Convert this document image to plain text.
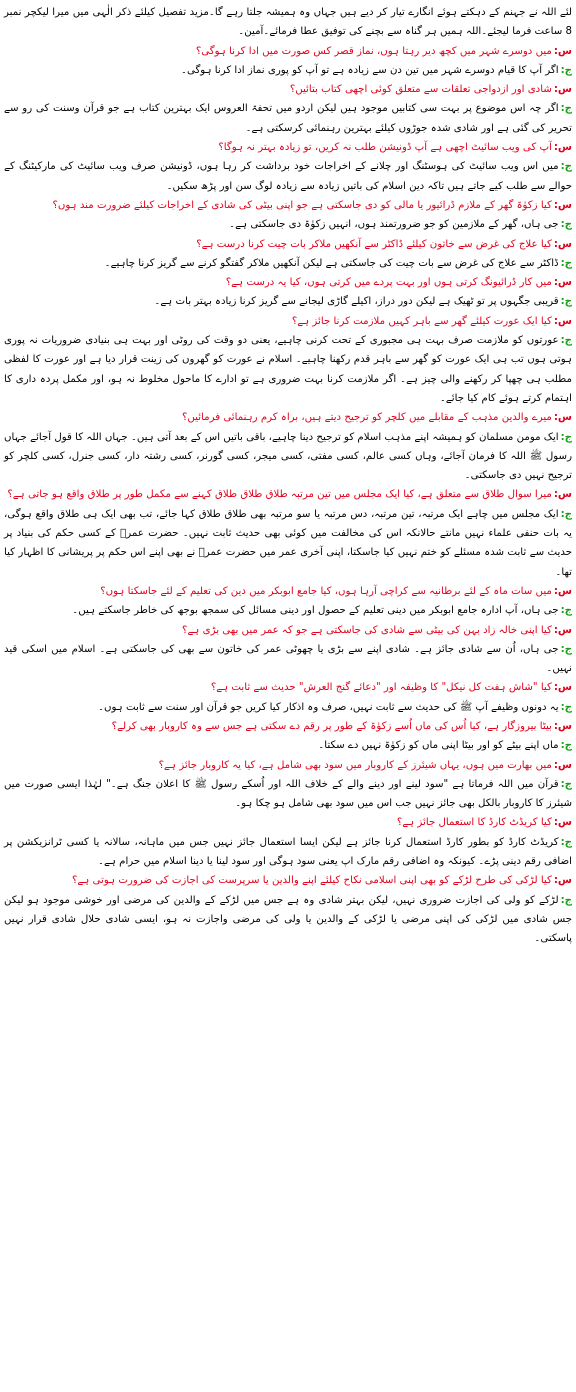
لئے اللہ نے جہنم کے دہکتے ہوئے انگارے تیار کر دیے ہیں جہاں وہ ہمیشہ جلتا رہے گا۔مزید تفصیل کیلئے ذکر الٰہی میں میرا لیکچر نمبر 8 ساعت فرما لیجئے۔اللہ ہمیں ہر گناہ سے بچنے کی توفیق عطا فرمائے۔آمین۔

س:میں دوسرے شہر میں کچھ دیر رہتا ہوں، نماز قصر کس صورت میں ادا کرنا ہوگی؟

ج:اگر آپ کا قیام دوسرے شہر میں تین دن سے زیادہ ہے تو آپ کو پوری نماز ادا کرنا ہوگی۔

س:شادی اور ازدواجی تعلقات سے متعلق کوئی اچھی کتاب بتائیں؟

ج:اگر چہ اس موضوع پر بہت سی کتابیں موجود ہیں لیکن اردو میں تحفۃ العروس ایک بہترین کتاب ہے جو قرآن وسنت کی رو سے تحریر کی گئی ہے اور شادی شدہ جوڑوں کیلئے بہترین رہنمائی کرسکتی ہے۔

س:آپ کی ویب سائیٹ اچھی ہے آپ ڈونیشن طلب نہ کریں، تو زیادہ بہتر نہ ہوگا؟

ج:میں اس ویب سائیٹ کی ہوسٹنگ اور چلانے کے اخراجات خود برداشت کر رہا ہوں، ڈونیشن صرف ویب سائیٹ کی مارکیٹنگ کے حوالے سے طلب کیے جاتے ہیں تاکہ دین اسلام کی باتیں زیادہ سے زیادہ لوگ سن اور پڑھ سکیں۔

س:کیا زکوٰۃ گھر کے ملازم ڈرائیور یا مالی کو دی جاسکتی ہے جو اپنی بیٹی کی شادی کے اخراجات کیلئے ضرورت مند ہوں؟

ج:جی ہاں، گھر کے ملازمین کو جو ضرورتمند ہوں، انہیں زکوٰۃ دی جاسکتی ہے۔

س:کیا علاج کی غرض سے خاتون کیلئے ڈاکٹر سے آنکھیں ملاکر بات چیت کرنا درست ہے؟

ج:ڈاکٹر سے علاج کی غرض سے بات چیت کی جاسکتی ہے لیکن آنکھیں ملاکر گفتگو کرنے سے گریز کرنا چاہیے۔

س:میں کار ڈرائیونگ کرتی ہوں اور بہت پردے میں کرتی ہوں، کیا یہ درست ہے؟

ج:قریبی جگہوں پر تو ٹھیک ہے لیکن دور دراز، اکیلے گاڑی لیجانے سے گریز کرنا زیادہ بہتر بات ہے۔

س:کیا ایک عورت کیلئے گھر سے باہر کہیں ملازمت کرنا جائز ہے؟

ج:عورتوں کو ملازمت صرف بہت ہی مجبوری کے تحت کرنی چاہیے، یعنی دو وقت کی روٹی اور بہت ہی بنیادی ضروریات نہ پوری ہوتی ہوں تب ہی ایک عورت کو گھر سے باہر قدم رکھنا چاہیے۔ اسلام نے عورت کو گھروں کی زینت قرار دیا ہے اور عورت کا لفظی مطلب ہی چھپا کر رکھنے والی چیز ہے۔ اگر ملازمت کرنا بہت ضروری ہے تو ادارے کا ماحول مخلوط نہ ہو، اور مکمل پردہ داری کا اہتمام کرتے ہوئے کام کیا جائے۔

س:میرے والدین مذہب کے مقابلے میں کلچر کو ترجیح دیتے ہیں، براہ کرم رہنمائی فرمائیں؟

ج:ایک مومن مسلمان کو ہمیشہ اپنے مذہب اسلام کو ترجیح دینا چاہیے، باقی باتیں اس کے بعد آتی ہیں۔ جہاں اللہ کا قول آجائے جہاں رسول ﷺ اللہ کا فرمان آجائے، وہاں کسی عالم، کسی مفتی، کسی میجر، کسی گورنر، کسی رشتہ دار، کسی جنرل، کسی کلچر کو ترجیح نہیں دی جاسکتی۔

س:میرا سوال طلاق سے متعلق ہے، کیا ایک مجلس میں تین مرتبہ طلاق طلاق طلاق کہنے سے مکمل طور پر طلاق واقع ہو جاتی ہے؟

ج:ایک مجلس میں چاہے ایک مرتبہ، تین مرتبہ، دس مرتبہ یا سو مرتبہ بھی طلاق طلاق کہا جائے، تب بھی ایک ہی طلاق واقع ہوگی، یہ بات حنفی علماء نہیں مانتے حالانکہ اس کی مخالفت میں کوئی بھی حدیث ثابت نہیں۔ حضرت عمرؓ کے کسی حکم کی بنیاد پر حدیث سے ثابت شدہ مسئلے کو ختم نہیں کیا جاسکتا، اپنی آخری عمر میں حضرت عمرؓ نے بھی اپنے اس حکم پر پریشانی کا اظہار کیا تھا۔

س:میں سات ماہ کے لئے برطانیہ سے کراچی آرہا ہوں، کیا جامع ابوبکر میں دین کی تعلیم کے لئے جاسکتا ہوں؟

ج:جی ہاں، آپ ادارہ جامع ابوبکر میں دینی تعلیم کے حصول اور دینی مسائل کی سمجھ بوجھ کی خاطر جاسکتے ہیں۔

س:کیا اپنی خالہ زاد بہن کی بیٹی سے شادی کی جاسکتی ہے جو کہ عمر میں بھی بڑی ہے؟

ج:جی ہاں، اُن سے شادی جائز ہے۔ شادی اپنے سے بڑی یا چھوٹی عمر کی خاتون سے بھی کی جاسکتی ہے۔ اسلام میں اسکی قید نہیں۔

س:کیا "شاش ہفت کل نیکل" کا وظیفہ اور "دعائے گنج العرش" حدیث سے ثابت ہے؟

ج:یہ دونوں وظیفے آپ ﷺ کی حدیث سے ثابت نہیں، صرف وہ اذکار کیا کریں جو قرآن اور سنت سے ثابت ہوں۔

س:بیٹا بیروزگار ہے، کیا اُس کی ماں اُسے زکوٰۃ کے طور پر رقم دے سکتی ہے جس سے وہ کاروبار بھی کرلے؟

ج:ماں اپنے بیٹے کو اور بیٹا اپنی ماں کو زکوٰۃ نہیں دے سکتا۔

س:میں بھارت میں ہوں، یہاں شیئرز کے کاروبار میں سود بھی شامل ہے، کیا یہ کاروبار جائز ہے؟

ج:قرآن میں اللہ فرماتا ہے "سود لینے اور دینے والے کے خلاف اللہ اور اُسکے رسول ﷺ کا اعلان جنگ ہے۔" لہٰذا ایسی صورت میں شیئرز کا کاروبار بالکل بھی جائز نہیں جب اس میں سود بھی شامل ہو چکا ہو۔

س:کیا کریڈٹ کارڈ کا استعمال جائز ہے؟

ج:کریڈٹ کارڈ کو بطور کارڈ استعمال کرنا جائز ہے لیکن ایسا استعمال جائز نہیں جس میں ماہانہ، سالانہ یا کسی ٹرانزیکشن پر اضافی رقم دینی پڑے۔ کیونکہ وہ اضافی رقم مارک اپ یعنی سود ہوگی اور سود لینا یا دینا اسلام میں حرام ہے۔

س:کیا لڑکی کی طرح لڑکے کو بھی اپنی اسلامی نکاح کیلئے اپنے والدین یا سرپرست کی اجازت کی ضرورت ہوتی ہے؟

ج:لڑکے کو ولی کی اجازت ضروری نہیں، لیکن بہتر شادی وہ ہے جس میں لڑکے کے والدین کی مرضی اور خوشی موجود ہو لیکن جس شادی میں لڑکی کی اپنی مرضی یا لڑکی کے والدین یا ولی کی مرضی واجازت نہ ہو، ایسی شادی حلال شادی قرار نہیں پاسکتی۔
